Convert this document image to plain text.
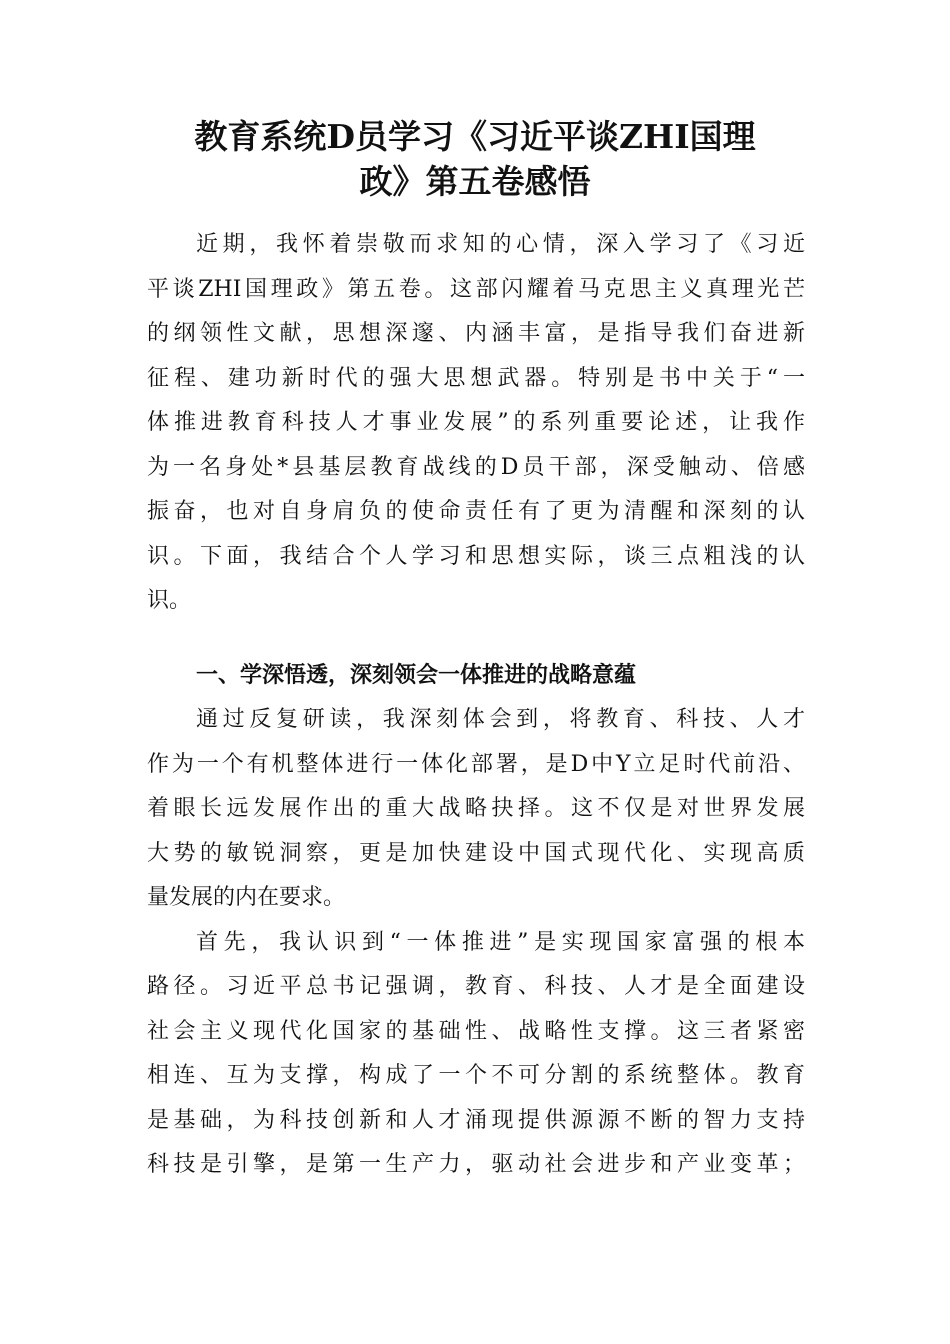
教育系统D员学习《习近平谈ZHI国理
政》第五卷感悟
近期，我怀着崇敬而求知的心情，深入学习了《习近
平谈ZHI国理政》第五卷。这部闪耀着马克思主义真理光芒
的纲领性文献，思想深邃、内涵丰富，是指导我们奋进新
征程、建功新时代的强大思想武器。特别是书中关于“一
体推进教育科技人才事业发展”的系列重要论述，让我作
为一名身处*县基层教育战线的D员干部，深受触动、倍感
振奋，也对自身肩负的使命责任有了更为清醒和深刻的认
识。下面，我结合个人学习和思想实际，谈三点粗浅的认
识。
一、学深悟透，深刻领会一体推进的战略意蕴
通过反复研读，我深刻体会到，将教育、科技、人才
作为一个有机整体进行一体化部署，是D中Y立足时代前沿、
着眼长远发展作出的重大战略抉择。这不仅是对世界发展
大势的敏锐洞察，更是加快建设中国式现代化、实现高质
量发展的内在要求。
首先，我认识到“一体推进”是实现国家富强的根本
路径。习近平总书记强调，教育、科技、人才是全面建设
社会主义现代化国家的基础性、战略性支撑。这三者紧密
相连、互为支撑，构成了一个不可分割的系统整体。教育
是基础，为科技创新和人才涌现提供源源不断的智力支持
科技是引擎，是第一生产力，驱动社会进步和产业变革；
